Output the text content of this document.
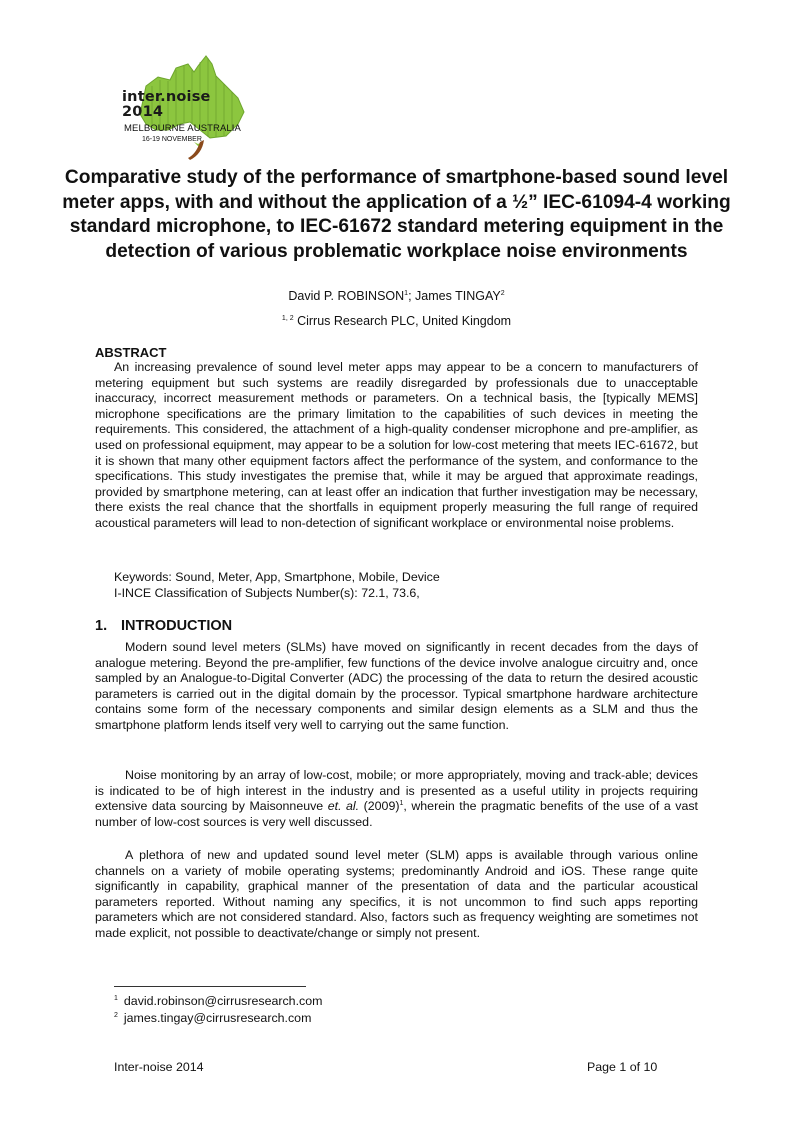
inter.noise 2014
MELBOURNE AUSTRALIA
16-19 NOVEMBER
Comparative study of the performance of smartphone-based sound level meter apps, with and without the application of a ½” IEC-61094-4 working standard microphone, to IEC-61672 standard metering equipment in the detection of various problematic workplace noise environments
David P. ROBINSON$^1$; James TINGAY$^2$
$^{1, 2}$ Cirrus Research PLC, United Kingdom
ABSTRACT

An increasing prevalence of sound level meter apps may appear to be a concern to manufacturers of metering equipment but such systems are readily disregarded by professionals due to unacceptable inaccuracy, incorrect measurement methods or parameters. On a technical basis, the [typically MEMS] microphone specifications are the primary limitation to the capabilities of such devices in meeting the requirements. This considered, the attachment of a high-quality condenser microphone and pre-amplifier, as used on professional equipment, may appear to be a solution for low-cost metering that meets IEC-61672, but it is shown that many other equipment factors affect the performance of the system, and conformance to the specifications. This study investigates the premise that, while it may be argued that approximate readings, provided by smartphone metering, can at least offer an indication that further investigation may be necessary, there exists the real chance that the shortfalls in equipment properly measuring the full range of required acoustical parameters will lead to non-detection of significant workplace or environmental noise problems.

Keywords: Sound, Meter, App, Smartphone, Mobile, Device
I-INCE Classification of Subjects Number(s): 72.1, 73.6,
1. INTRODUCTION

Modern sound level meters (SLMs) have moved on significantly in recent decades from the days of analogue metering. Beyond the pre-amplifier, few functions of the device involve analogue circuitry and, once sampled by an Analogue-to-Digital Converter (ADC) the processing of the data to return the desired acoustic parameters is carried out in the digital domain by the processor. Typical smartphone hardware architecture contains some form of the necessary components and similar design elements as a SLM and thus the smartphone platform lends itself very well to carrying out the same function.

Noise monitoring by an array of low-cost, mobile; or more appropriately, moving and track-able; devices is indicated to be of high interest in the industry and is presented as a useful utility in projects requiring extensive data sourcing by Maisonneuve et. al. $(2009)^1$, wherein the pragmatic benefits of the use of a vast number of low-cost sources is very well discussed.

A plethora of new and updated sound level meter (SLM) apps is available through various online channels on a variety of mobile operating systems; predominantly Android and iOS. These range quite significantly in capability, graphical manner of the presentation of data and the particular acoustical parameters reported. Without naming any specifics, it is not uncommon to find such apps reporting parameters which are not considered standard. Also, factors such as frequency weighting are sometimes not made explicit, not possible to deactivate/change or simply not present.

$^1$ david.robinson@cirrusresearch.com
$^2$ james.tingay@cirrusresearch.com
Inter-noise 2014	Page 1 of 10
